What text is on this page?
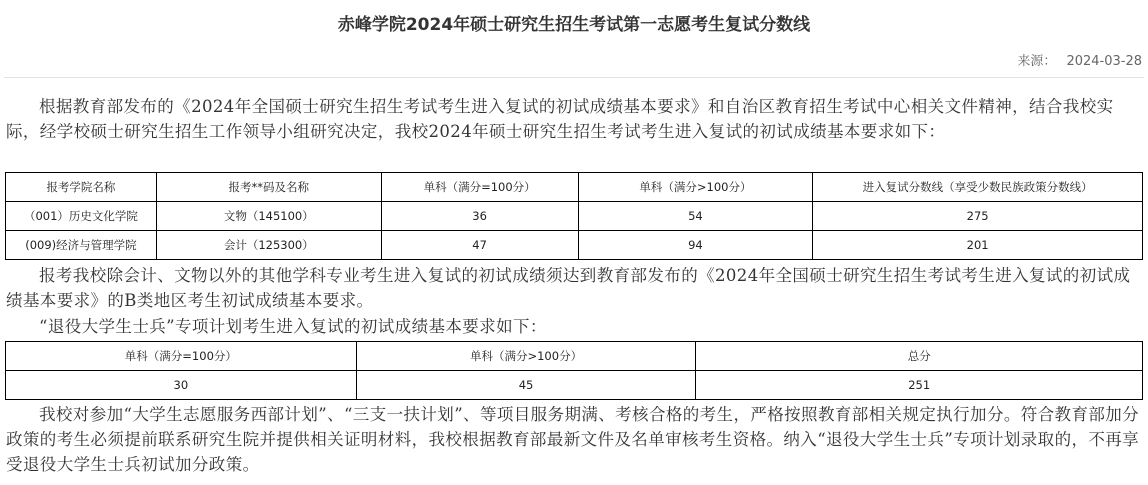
赤峰学院2024年硕士研究生招生考试第一志愿考生复试分数线
来源： 2024-03-28

根据教育部发布的《2024年全国硕士研究生招生考试考生进入复试的初试成绩基本要求》和自治区教育招生考试中心相关文件精神，结合我校实际，经学校硕士研究生招生工作领导小组研究决定，我校2024年硕士研究生招生考试考生进入复试的初试成绩基本要求如下：

报考学院名称	报考**码及名称	单科（满分=100分）	单科（满分>100分）	进入复试分数线（享受少数民族政策分数线）
（001）历史文化学院	文物（145100）	36	54	275
(009)经济与管理学院	会计（125300）	47	94	201

报考我校除会计、文物以外的其他学科专业考生进入复试的初试成绩须达到教育部发布的《2024年全国硕士研究生招生考试考生进入复试的初试成绩基本要求》的B类地区考生初试成绩基本要求。

“退役大学生士兵”专项计划考生进入复试的初试成绩基本要求如下：

单科（满分=100分）	单科（满分>100分）	总分
30	45	251

我校对参加“大学生志愿服务西部计划”、“三支一扶计划”、等项目服务期满、考核合格的考生，严格按照教育部相关规定执行加分。符合教育部加分政策的考生必须提前联系研究生院并提供相关证明材料，我校根据教育部最新文件及名单审核考生资格。纳入“退役大学生士兵”专项计划录取的，不再享受退役大学生士兵初试加分政策。
